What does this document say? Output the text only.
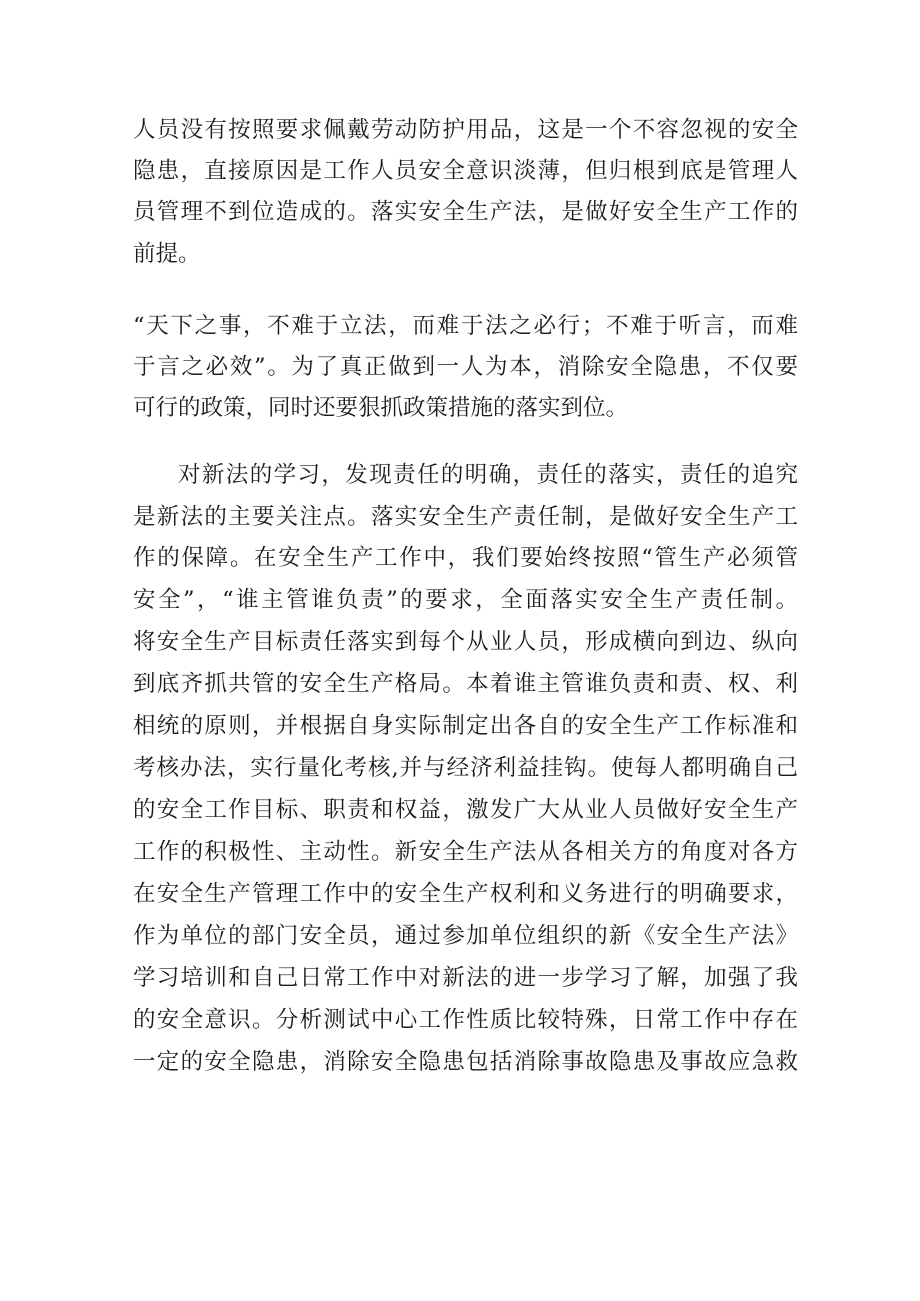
人员没有按照要求佩戴劳动防护用品，这是一个不容忽视的安全
隐患，直接原因是工作人员安全意识淡薄，但归根到底是管理人
员管理不到位造成的。落实安全生产法，是做好安全生产工作的
前提。
“天下之事，不难于立法，而难于法之必行；不难于听言，而难
于言之必效”。为了真正做到一人为本，消除安全隐患，不仅要
可行的政策，同时还要狠抓政策措施的落实到位。
对新法的学习，发现责任的明确，责任的落实，责任的追究
是新法的主要关注点。落实安全生产责任制，是做好安全生产工
作的保障。在安全生产工作中，我们要始终按照“管生产必须管
安全”，“谁主管谁负责”的要求，全面落实安全生产责任制。
将安全生产目标责任落实到每个从业人员，形成横向到边、纵向
到底齐抓共管的安全生产格局。本着谁主管谁负责和责、权、利
相统的原则，并根据自身实际制定出各自的安全生产工作标准和
考核办法，实行量化考核,并与经济利益挂钩。使每人都明确自己
的安全工作目标、职责和权益，激发广大从业人员做好安全生产
工作的积极性、主动性。新安全生产法从各相关方的角度对各方
在安全生产管理工作中的安全生产权利和义务进行的明确要求，
作为单位的部门安全员，通过参加单位组织的新《安全生产法》
学习培训和自己日常工作中对新法的进一步学习了解，加强了我
的安全意识。分析测试中心工作性质比较特殊，日常工作中存在
一定的安全隐患，消除安全隐患包括消除事故隐患及事故应急救
